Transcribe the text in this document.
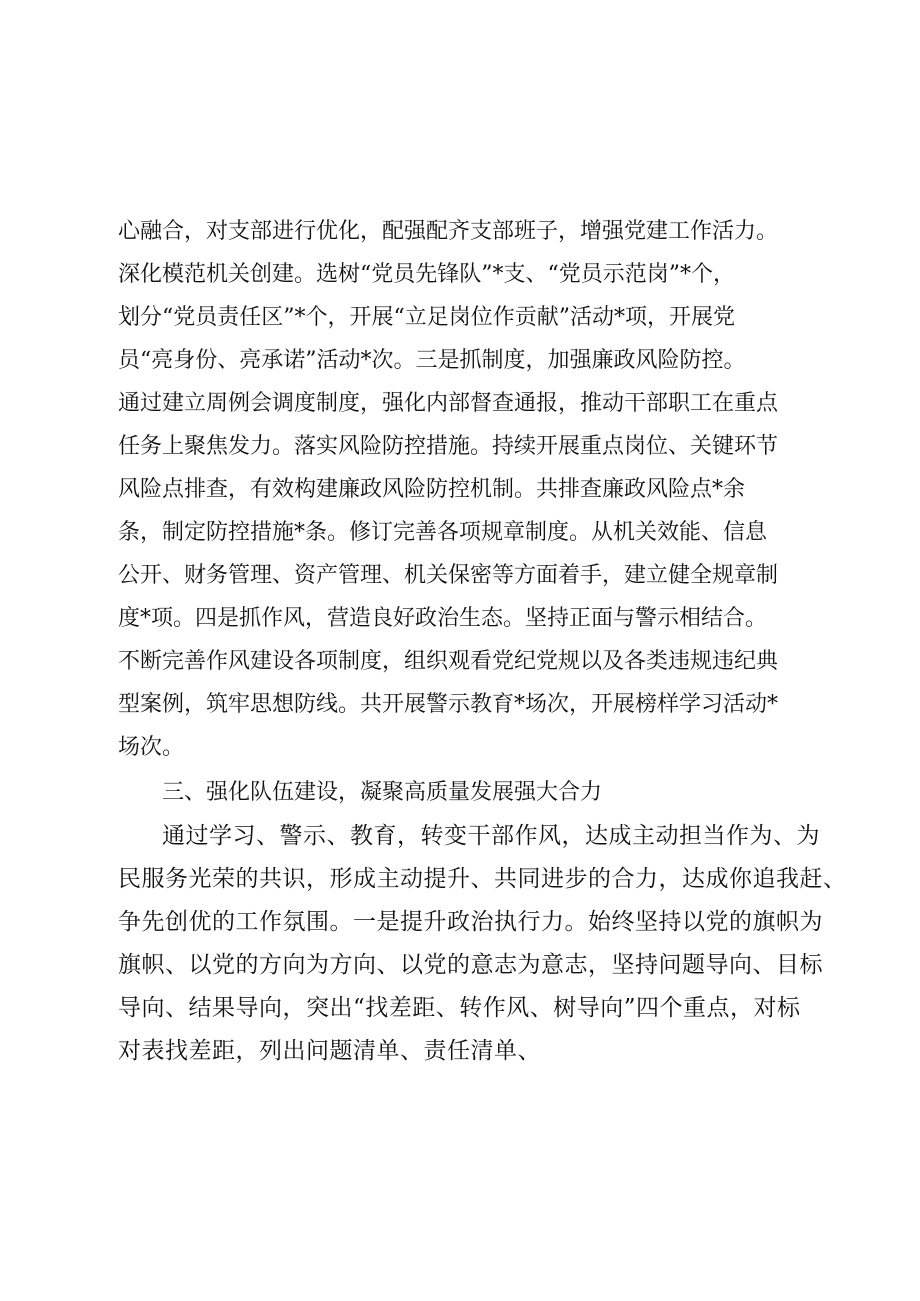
心融合，对支部进行优化，配强配齐支部班子，增强党建工作活力。
深化模范机关创建。选树“党员先锋队”*支、“党员示范岗”*个，
划分“党员责任区”*个，开展“立足岗位作贡献”活动*项，开展党
员“亮身份、亮承诺”活动*次。三是抓制度，加强廉政风险防控。
通过建立周例会调度制度，强化内部督查通报，推动干部职工在重点
任务上聚焦发力。落实风险防控措施。持续开展重点岗位、关键环节
风险点排查，有效构建廉政风险防控机制。共排查廉政风险点*余
条，制定防控措施*条。修订完善各项规章制度。从机关效能、信息
公开、财务管理、资产管理、机关保密等方面着手，建立健全规章制
度*项。四是抓作风，营造良好政治生态。坚持正面与警示相结合。
不断完善作风建设各项制度，组织观看党纪党规以及各类违规违纪典
型案例，筑牢思想防线。共开展警示教育*场次，开展榜样学习活动*
场次。
三、强化队伍建设，凝聚高质量发展强大合力
通过学习、警示、教育，转变干部作风，达成主动担当作为、为
民服务光荣的共识，形成主动提升、共同进步的合力，达成你追我赶、
争先创优的工作氛围。一是提升政治执行力。始终坚持以党的旗帜为
旗帜、以党的方向为方向、以党的意志为意志，坚持问题导向、目标
导向、结果导向，突出“找差距、转作风、树导向”四个重点，对标
对表找差距，列出问题清单、责任清单、
